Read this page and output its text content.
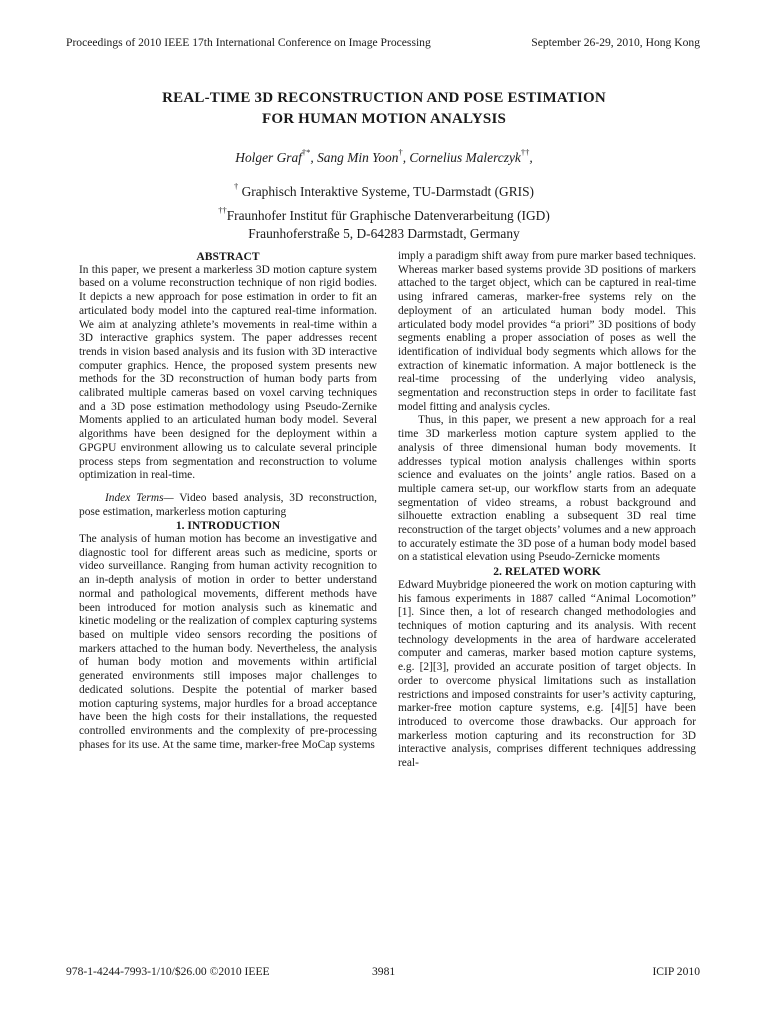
Proceedings of 2010 IEEE 17th International Conference on Image Processing	September 26-29, 2010, Hong Kong
REAL-TIME 3D RECONSTRUCTION AND POSE ESTIMATION
FOR HUMAN MOTION ANALYSIS
Holger Graf†*, Sang Min Yoon†, Cornelius Malerczyk††,
† Graphisch Interaktive Systeme, TU-Darmstadt (GRIS)
††Fraunhofer Institut für Graphische Datenverarbeitung (IGD)
Fraunhoferstraße 5, D-64283 Darmstadt, Germany

ABSTRACT

In this paper, we present a markerless 3D motion capture system based on a volume reconstruction technique of non rigid bodies. It depicts a new approach for pose estimation in order to fit an articulated body model into the captured real-time information. We aim at analyzing athlete’s movements in real-time within a 3D interactive graphics system. The paper addresses recent trends in vision based analysis and its fusion with 3D interactive computer graphics. Hence, the proposed system presents new methods for the 3D reconstruction of human body parts from calibrated multiple cameras based on voxel carving techniques and a 3D pose estimation methodology using Pseudo-Zernike Moments applied to an articulated human body model. Several algorithms have been designed for the deployment within a GPGPU environment allowing us to calculate several principle process steps from segmentation and reconstruction to volume optimization in real-time.

Index Terms— Video based analysis, 3D reconstruction, pose estimation, markerless motion capturing

1. INTRODUCTION

The analysis of human motion has become an investigative and diagnostic tool for different areas such as medicine, sports or video surveillance. Ranging from human activity recognition to an in-depth analysis of motion in order to better understand normal and pathological movements, different methods have been introduced for motion analysis such as kinematic and kinetic modeling or the realization of complex capturing systems based on multiple video sensors recording the positions of markers attached to the human body. Nevertheless, the analysis of human body motion and movements within artificial generated environments still imposes major challenges to dedicated solutions. Despite the potential of marker based motion capturing systems, major hurdles for a broad acceptance have been the high costs for their installations, the requested controlled environments and the complexity of pre-processing phases for its use. At the same time, marker-free MoCap systems

imply a paradigm shift away from pure marker based techniques. Whereas marker based systems provide 3D positions of markers attached to the target object, which can be captured in real-time using infrared cameras, marker-free systems rely on the deployment of an articulated human body model. This articulated body model provides “a priori” 3D positions of body segments enabling a proper association of poses as well the identification of individual body segments which allows for the extraction of kinematic information. A major bottleneck is the real-time processing of the underlying video analysis, segmentation and reconstruction steps in order to facilitate fast model fitting and analysis cycles.

Thus, in this paper, we present a new approach for a real time 3D markerless motion capture system applied to the analysis of three dimensional human body movements. It addresses typical motion analysis challenges within sports science and evaluates on the joints’ angle ratios. Based on a multiple camera set-up, our workflow starts from an adequate segmentation of video streams, a robust background and silhouette extraction enabling a subsequent 3D real time reconstruction of the target objects’ volumes and a new approach to accurately estimate the 3D pose of a human body model based on a statistical elevation using Pseudo-Zernicke moments

2. RELATED WORK

Edward Muybridge pioneered the work on motion capturing with his famous experiments in 1887 called “Animal Locomotion” [1]. Since then, a lot of research changed methodologies and techniques of motion capturing and its analysis. With recent technology developments in the area of hardware accelerated computer and cameras, marker based motion capture systems, e.g. [2][3], provided an accurate position of target objects. In order to overcome physical limitations such as installation restrictions and imposed constraints for user’s activity capturing, marker-free motion capture systems, e.g. [4][5] have been introduced to overcome those drawbacks. Our approach for markerless motion capturing and its reconstruction for 3D interactive analysis, comprises different techniques addressing real-

978-1-4244-7993-1/10/$26.00 ©2010 IEEE	3981	ICIP 2010
